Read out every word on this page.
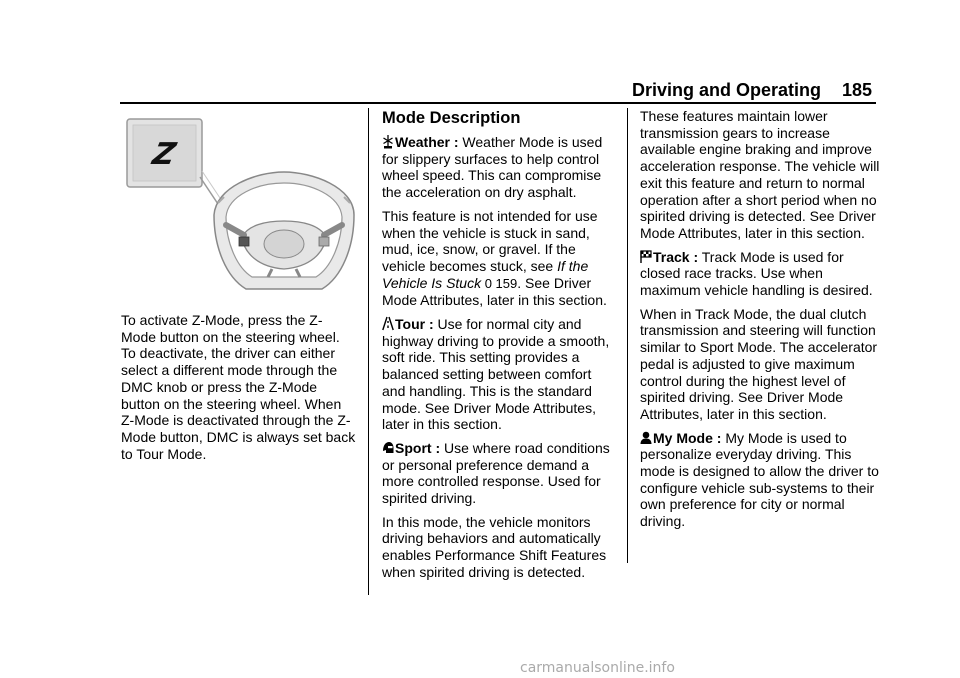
Driving and Operating 185
Z

To activate Z-Mode, press the Z-Mode button on the steering wheel. To deactivate, the driver can either select a different mode through the DMC knob or press the Z-Mode button on the steering wheel. When Z-Mode is deactivated through the Z-Mode button, DMC is always set back to Tour Mode.

Mode Description

Weather : Weather Mode is used for slippery surfaces to help control wheel speed. This can compromise the acceleration on dry asphalt.

This feature is not intended for use when the vehicle is stuck in sand, mud, ice, snow, or gravel. If the vehicle becomes stuck, see If the Vehicle Is Stuck 0 159. See Driver Mode Attributes, later in this section.

Tour : Use for normal city and highway driving to provide a smooth, soft ride. This setting provides a balanced setting between comfort and handling. This is the standard mode. See Driver Mode Attributes, later in this section.

Sport : Use where road conditions or personal preference demand a more controlled response. Used for spirited driving.

In this mode, the vehicle monitors driving behaviors and automatically enables Performance Shift Features when spirited driving is detected.

These features maintain lower transmission gears to increase available engine braking and improve acceleration response. The vehicle will exit this feature and return to normal operation after a short period when no spirited driving is detected. See Driver Mode Attributes, later in this section.

Track : Track Mode is used for closed race tracks. Use when maximum vehicle handling is desired.

When in Track Mode, the dual clutch transmission and steering will function similar to Sport Mode. The accelerator pedal is adjusted to give maximum control during the highest level of spirited driving. See Driver Mode Attributes, later in this section.

My Mode : My Mode is used to personalize everyday driving. This mode is designed to allow the driver to configure vehicle sub-systems to their own preference for city or normal driving.

carmanualsonline.info
